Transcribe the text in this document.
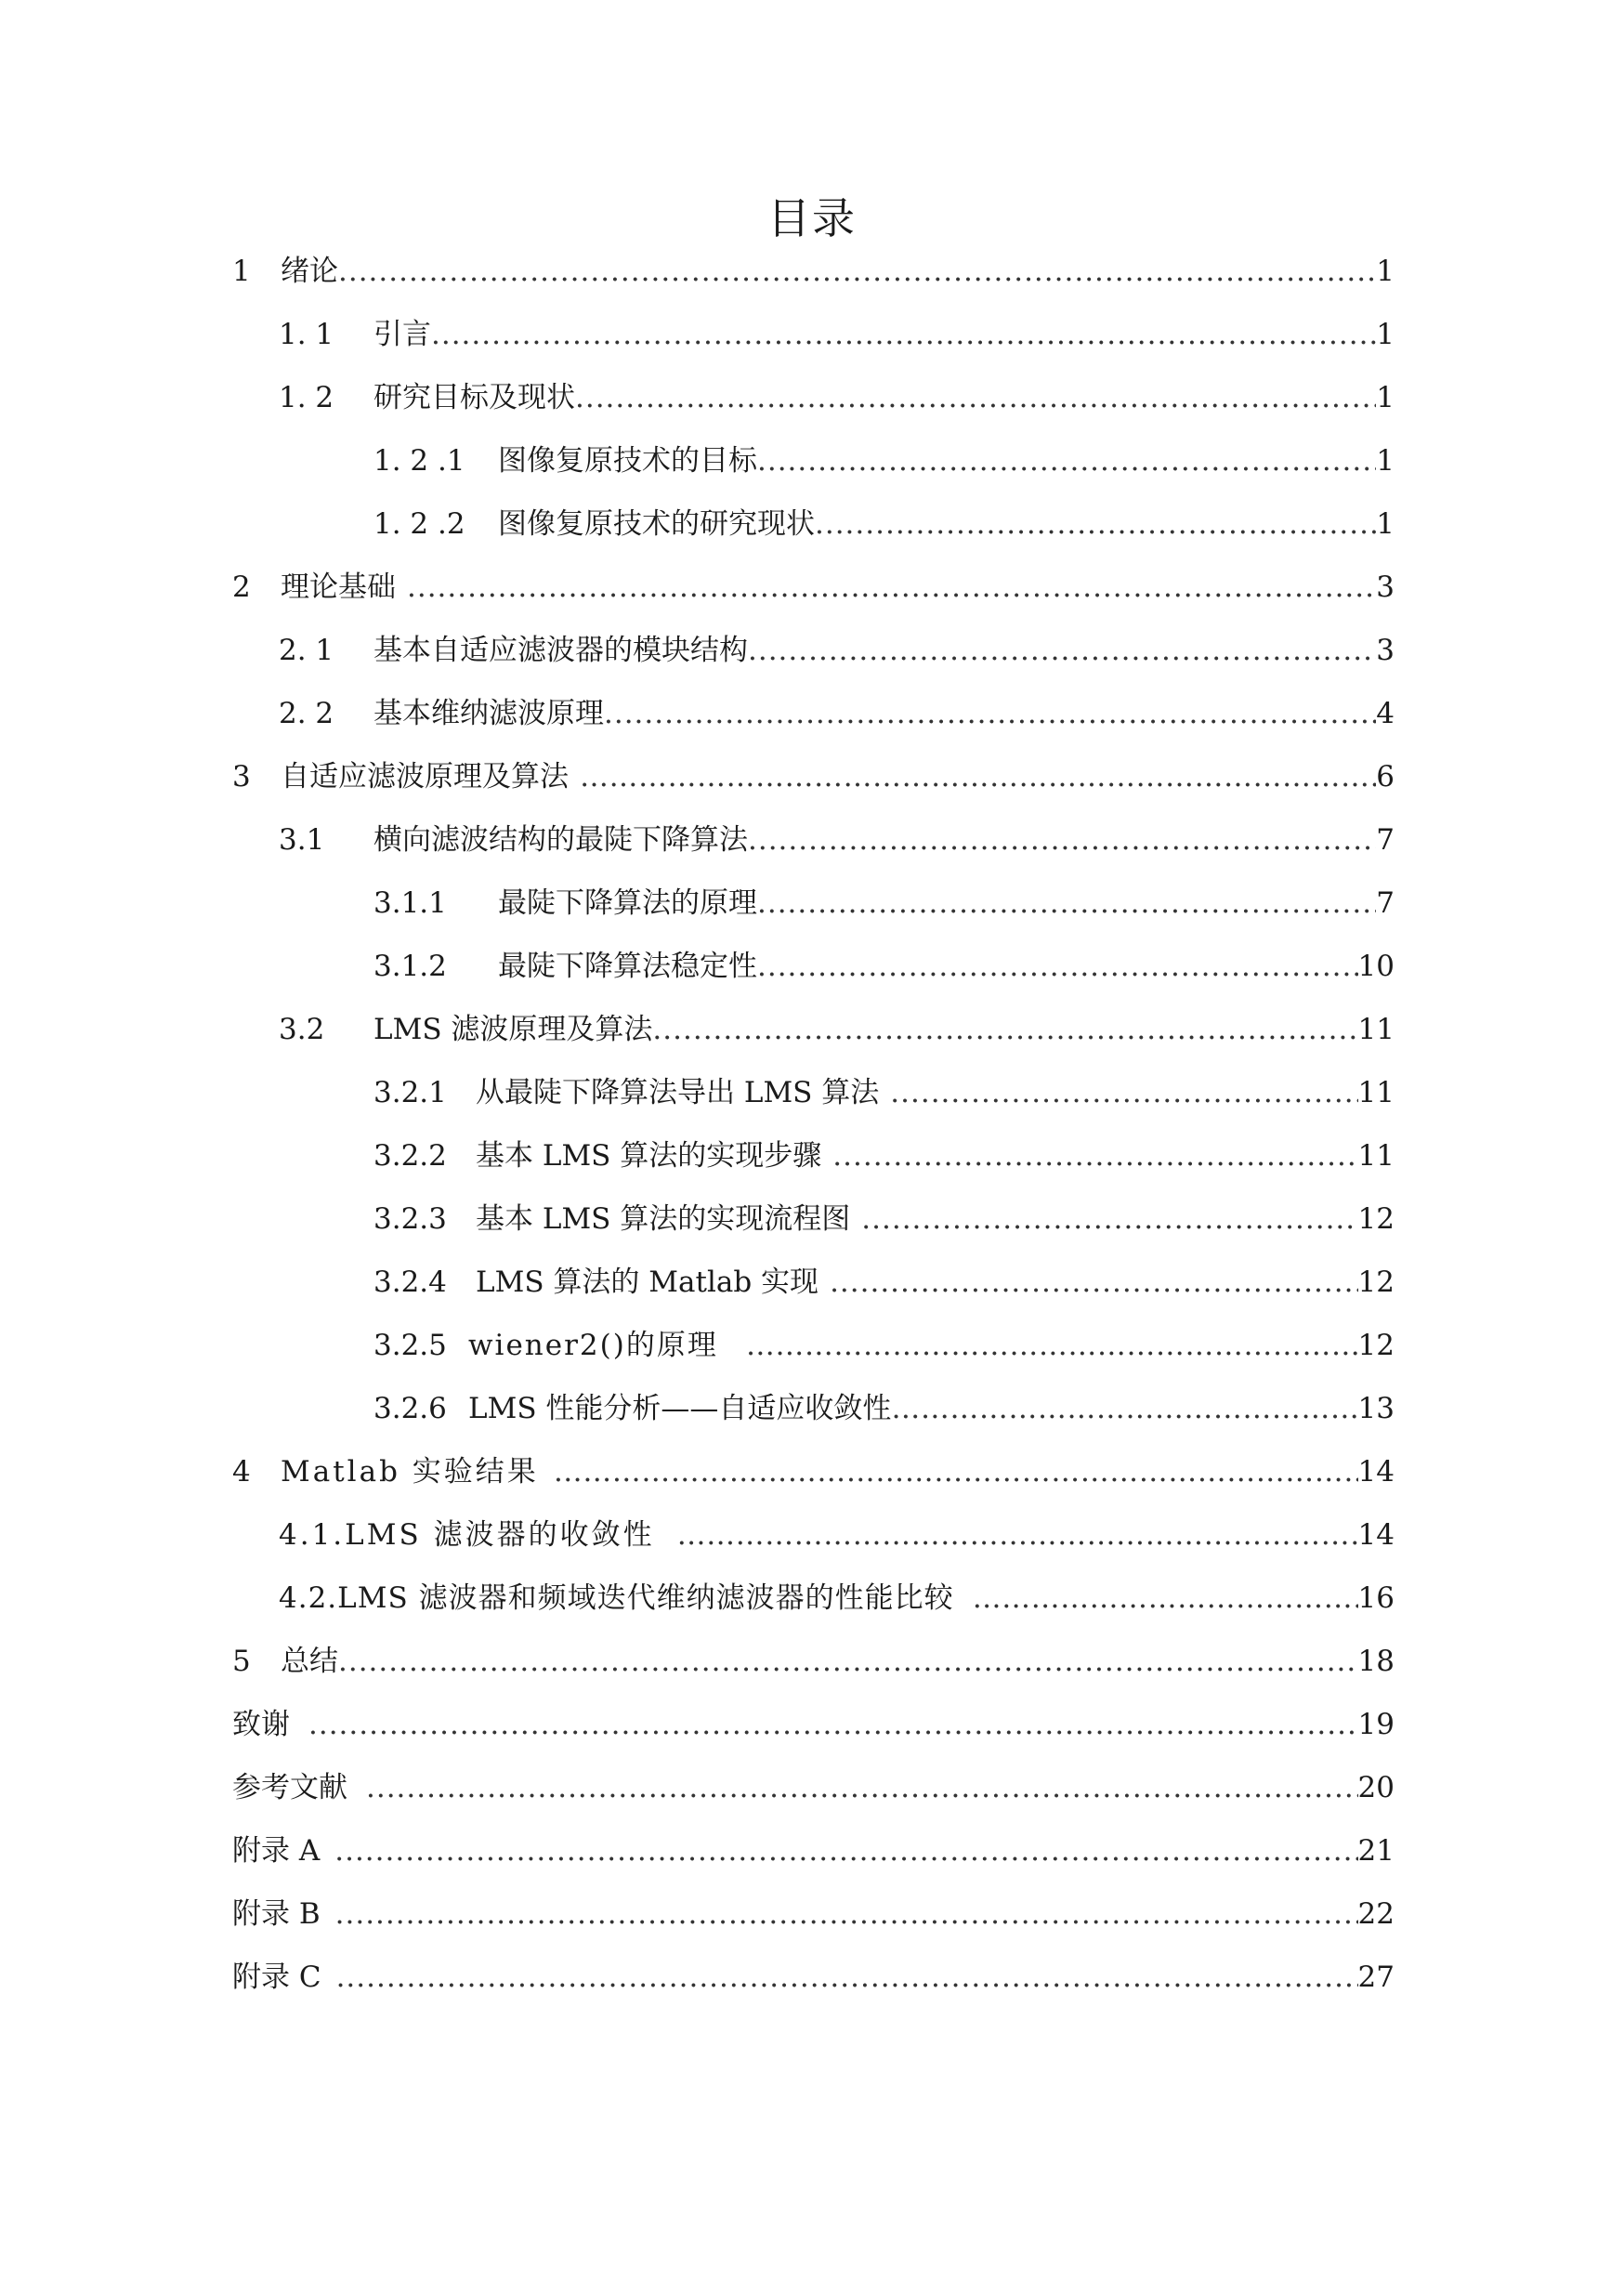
目录
1	绪论 .....	1
1. 1	引言 .....	1
1. 2	研究目标及现状 .....	1
1. 2 .1	图像复原技术的目标 .....	1
1. 2 .2	图像复原技术的研究现状 .....	1
2	理论基础 .....	3
2. 1	基本自适应滤波器的模块结构 .....	3
2. 2	基本维纳滤波原理 .....	4
3	自适应滤波原理及算法 ………………………………………………………………………………………………………………………………………………………………………………………………………………………………………………………………………	6
3.1	横向滤波结构的最陡下降算法 .....	7
3.1.1	最陡下降算法的原理 .....	7
3.1.2	最陡下降算法稳定性 .....	10
3.2	LMS 滤波原理及算法 .....	11
3.2.1	从最陡下降算法导出 LMS 算法 .....	11
3.2.2	基本 LMS 算法的实现步骤 .....	11
3.2.3	基本 LMS 算法的实现流程图 .....	12
3.2.4	LMS 算法的 Matlab 实现 .....	12
3.2.5 wiener2()的原理 ………………………………………………………………………………………………………………………………………………………………………………………………………………………………………………………………………	12
3.2.6 LMS 性能分析——自适应收敛性 ………………………………………………………………………………………………………………………………………………………………………………………………………………………………………………………………………	13
4	Matlab 实验结果 ………………………………………………………………………………………………………………………………………………………………………………………………………………………………………………………………………	14
4.1.LMS 滤波器的收敛性 ………………………………………………………………………………………………………………………………………………………………………………………………………………………………………………………………………	14
4.2.LMS 滤波器和频域迭代维纳滤波器的性能比较 ………………………………………………………………………………………………………………………………………………………………………………………………………………………………………………………………………	16
5	总结 .....	18
致谢 .....	19
参考文献 .....	20
附录 A .....	21
附录 B .....	22
附录 C .....	27
